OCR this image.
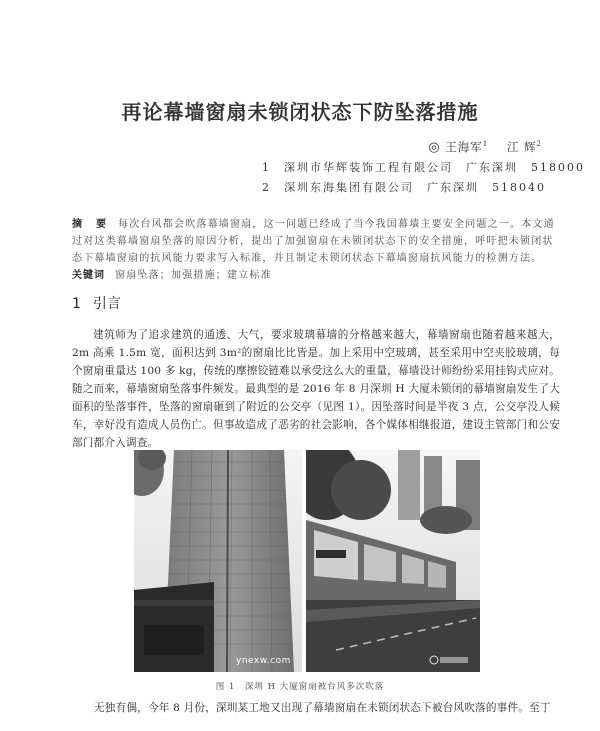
再论幕墙窗扇未锁闭状态下防坠落措施
◎ 王海军$^1$ 江 辉$^2$
1　深圳市华辉装饰工程有限公司　广东深圳　518000
2　深圳东海集团有限公司　广东深圳　518040
摘　要 每次台风都会吹落幕墙窗扇，这一问题已经成了当今我国幕墙主要安全问题之一。本文通过对这类幕墙窗扇坠落的原因分析，提出了加强窗扇在未锁闭状态下的安全措施，呼吁把未锁闭状态下幕墙窗扇的抗风能力要求写入标准，并且制定未锁闭状态下幕墙窗扇抗风能力的检测方法。
关键词 窗扇坠落；加强措施；建立标准
1 引言
建筑师为了追求建筑的通透、大气，要求玻璃幕墙的分格越来越大，幕墙窗扇也随着越来越大，2m 高乘 1.5m 宽，面积达到 3m²的窗扇比比皆是。加上采用中空玻璃，甚至采用中空夹胶玻璃，每个窗扇重量达 100 多 kg，传统的摩擦铰链难以承受这么大的重量，幕墙设计师纷纷采用挂钩式应对。随之而来，幕墙窗扇坠落事件频发。最典型的是 2016 年 8 月深圳 H 大厦未锁闭的幕墙窗扇发生了大面积的坠落事件，坠落的窗扇砸到了附近的公交亭（见图 1）。因坠落时间是半夜 3 点，公交亭没人候车，幸好没有造成人员伤亡。但事故造成了恶劣的社会影响，各个媒体相继报道，建设主管部门和公安部门都介入调查。
ynexw.com
图 1　深圳 H 大厦窗扇被台风多次吹落
无独有偶，今年 8 月份，深圳某工地又出现了幕墙窗扇在未锁闭状态下被台风吹落的事件。至丁
